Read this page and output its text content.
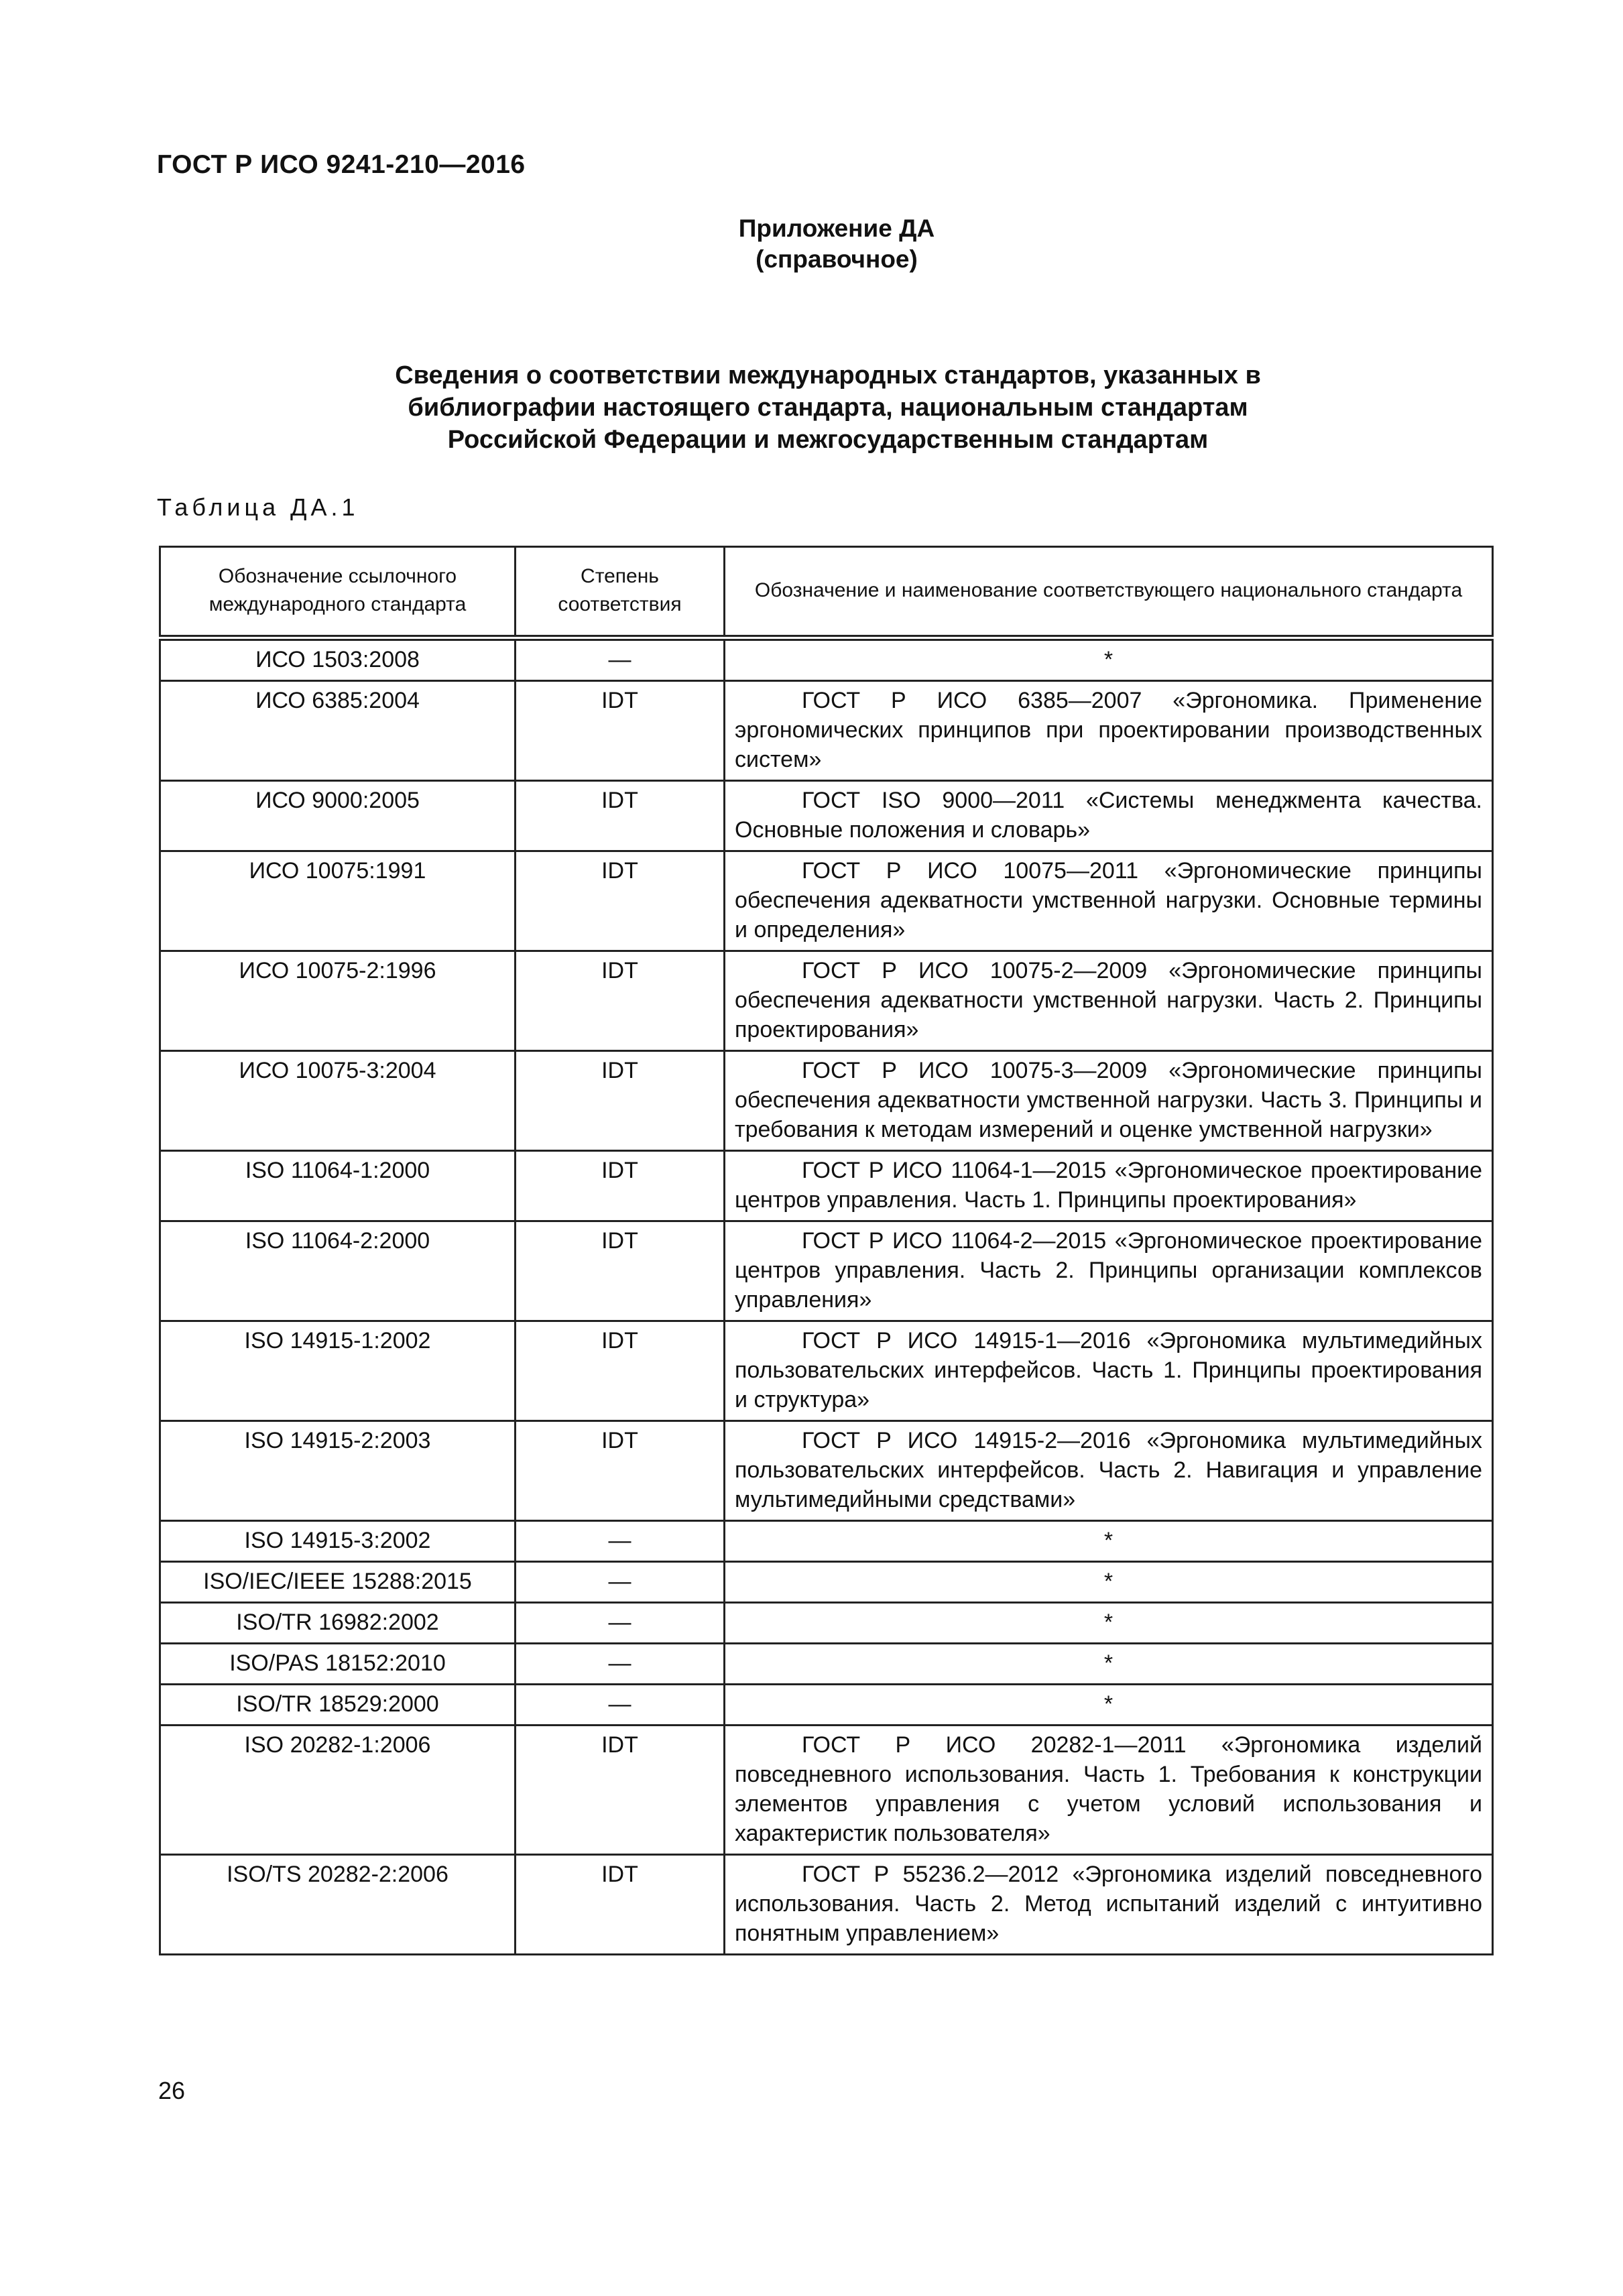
ГОСТ Р ИСО 9241-210—2016
Приложение ДА
(справочное)
Сведения о соответствии международных стандартов, указанных в
библиографии настоящего стандарта, национальным стандартам
Российской Федерации и межгосударственным стандартам
Таблица ДА.1
Обозначение ссылочного международного стандарта	Степень соответствия	Обозначение и наименование соответствующего национального стандарта
ИСО 1503:2008	—	*
ИСО 6385:2004	IDT	ГОСТ Р ИСО 6385—2007 «Эргономика. Применение эргономических принципов при проектировании производственных систем»
ИСО 9000:2005	IDT	ГОСТ ISO 9000—2011 «Системы менеджмента качества. Основные положения и словарь»
ИСО 10075:1991	IDT	ГОСТ Р ИСО 10075—2011 «Эргономические принципы обеспечения адекватности умственной нагрузки. Основные термины и определения»
ИСО 10075-2:1996	IDT	ГОСТ Р ИСО 10075-2—2009 «Эргономические принципы обеспечения адекватности умственной нагрузки. Часть 2. Принципы проектирования»
ИСО 10075-3:2004	IDT	ГОСТ Р ИСО 10075-3—2009 «Эргономические принципы обеспечения адекватности умственной нагрузки. Часть 3. Принципы и требования к методам измерений и оценке умственной нагрузки»
ISO 11064-1:2000	IDT	ГОСТ Р ИСО 11064-1—2015 «Эргономическое проектирование центров управления. Часть 1. Принципы проектирования»
ISO 11064-2:2000	IDT	ГОСТ Р ИСО 11064-2—2015 «Эргономическое проектирование центров управления. Часть 2. Принципы организации комплексов управления»
ISO 14915-1:2002	IDT	ГОСТ Р ИСО 14915-1—2016 «Эргономика мультимедийных пользовательских интерфейсов. Часть 1. Принципы проектирования и структура»
ISO 14915-2:2003	IDT	ГОСТ Р ИСО 14915-2—2016 «Эргономика мультимедийных пользовательских интерфейсов. Часть 2. Навигация и управление мультимедийными средствами»
ISO 14915-3:2002	—	*
ISO/IEC/IEEE 15288:2015	—	*
ISO/TR 16982:2002	—	*
ISO/PAS 18152:2010	—	*
ISO/TR 18529:2000	—	*
ISO 20282-1:2006	IDT	ГОСТ Р ИСО 20282-1—2011 «Эргономика изделий повседневного использования. Часть 1. Требования к конструкции элементов управления с учетом условий использования и характеристик пользователя»
ISO/TS 20282-2:2006	IDT	ГОСТ Р 55236.2—2012 «Эргономика изделий повседневного использования. Часть 2. Метод испытаний изделий с интуитивно понятным управлением»
26
